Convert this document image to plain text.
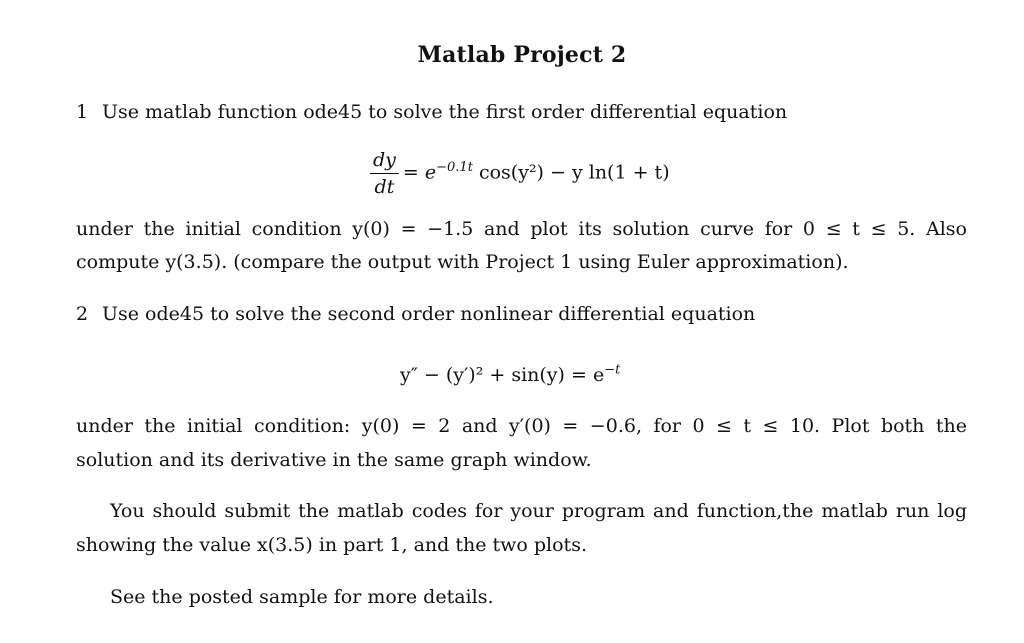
Matlab Project 2
1 Use matlab function ode45 to solve the first order differential equation
$\frac{dy}{dt} = e^{-0.1t}$ cos(y²) − y ln(1 + t)
under the initial condition y(0) = −1.5 and plot its solution curve for 0 ≤ t ≤ 5. Also
compute y(3.5). (compare the output with Project 1 using Euler approximation).
2 Use ode45 to solve the second order nonlinear differential equation
$y'' - (y')^2 + \sin(y) = e^{-t}$
under the initial condition: y(0) = 2 and y′(0) = −0.6, for 0 ≤ t ≤ 10. Plot both the
solution and its derivative in the same graph window.
You should submit the matlab codes for your program and function,the matlab run log
showing the value x(3.5) in part 1, and the two plots.
See the posted sample for more details.
